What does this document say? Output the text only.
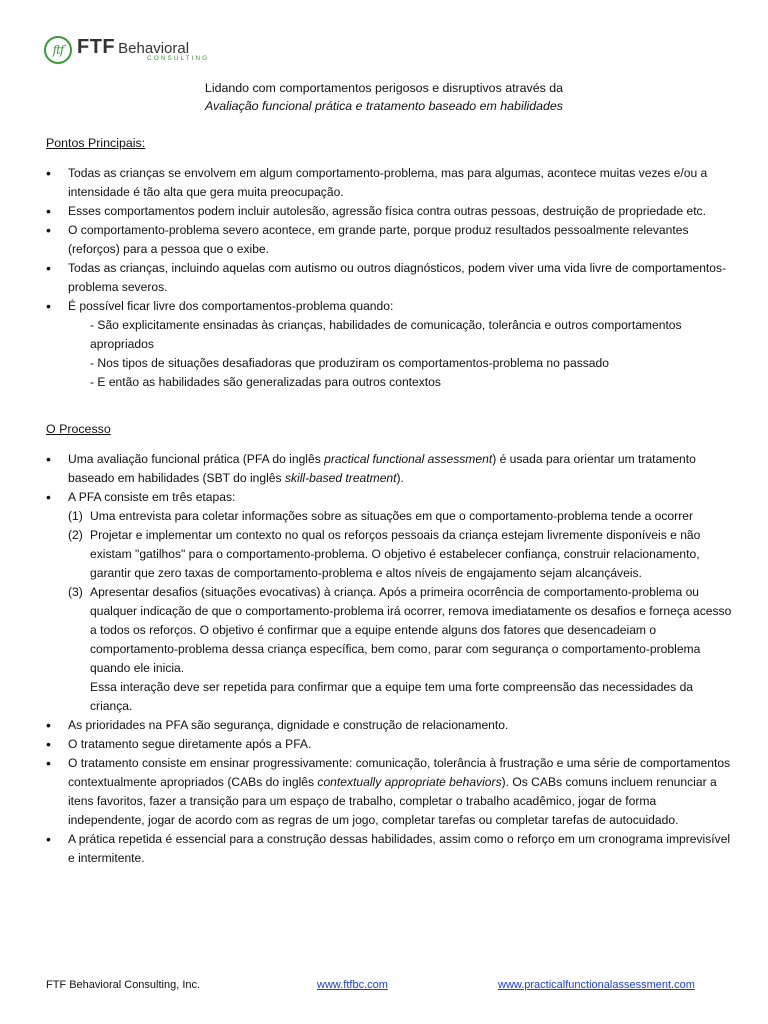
ftf FTF Behavioral
CONSULTING
Lidando com comportamentos perigosos e disruptivos através da
Avaliação funcional prática e tratamento baseado em habilidades
Pontos Principais:
• Todas as crianças se envolvem em algum comportamento-problema, mas para algumas, acontece muitas vezes e/ou a intensidade é tão alta que gera muita preocupação.
• Esses comportamentos podem incluir autolesão, agressão física contra outras pessoas, destruição de propriedade etc.
• O comportamento-problema severo acontece, em grande parte, porque produz resultados pessoalmente relevantes (reforços) para a pessoa que o exibe.
• Todas as crianças, incluindo aquelas com autismo ou outros diagnósticos, podem viver uma vida livre de comportamentos-problema severos.
• É possível ficar livre dos comportamentos-problema quando:
- São explicitamente ensinadas às crianças, habilidades de comunicação, tolerância e outros comportamentos apropriados
- Nos tipos de situações desafiadoras que produziram os comportamentos-problema no passado
- E então as habilidades são generalizadas para outros contextos
O Processo
• Uma avaliação funcional prática (PFA do inglês practical functional assessment) é usada para orientar um tratamento baseado em habilidades (SBT do inglês skill-based treatment).
• A PFA consiste em três etapas:
(1) Uma entrevista para coletar informações sobre as situações em que o comportamento-problema tende a ocorrer
(2) Projetar e implementar um contexto no qual os reforços pessoais da criança estejam livremente disponíveis e não existam "gatilhos" para o comportamento-problema. O objetivo é estabelecer confiança, construir relacionamento, garantir que zero taxas de comportamento-problema e altos níveis de engajamento sejam alcançáveis.
(3) Apresentar desafios (situações evocativas) à criança. Após a primeira ocorrência de comportamento-problema ou qualquer indicação de que o comportamento-problema irá ocorrer, remova imediatamente os desafios e forneça acesso a todos os reforços. O objetivo é confirmar que a equipe entende alguns dos fatores que desencadeiam o comportamento-problema dessa criança específica, bem como, parar com segurança o comportamento-problema quando ele inicia.
Essa interação deve ser repetida para confirmar que a equipe tem uma forte compreensão das necessidades da criança.
• As prioridades na PFA são segurança, dignidade e construção de relacionamento.
• O tratamento segue diretamente após a PFA.
• O tratamento consiste em ensinar progressivamente: comunicação, tolerância à frustração e uma série de comportamentos contextualmente apropriados (CABs do inglês contextually appropriate behaviors). Os CABs comuns incluem renunciar a itens favoritos, fazer a transição para um espaço de trabalho, completar o trabalho acadêmico, jogar de forma independente, jogar de acordo com as regras de um jogo, completar tarefas ou completar tarefas de autocuidado.
• A prática repetida é essencial para a construção dessas habilidades, assim como o reforço em um cronograma imprevisível e intermitente.
FTF Behavioral Consulting, Inc.	www.ftfbc.com	www.practicalfunctionalassessment.com
